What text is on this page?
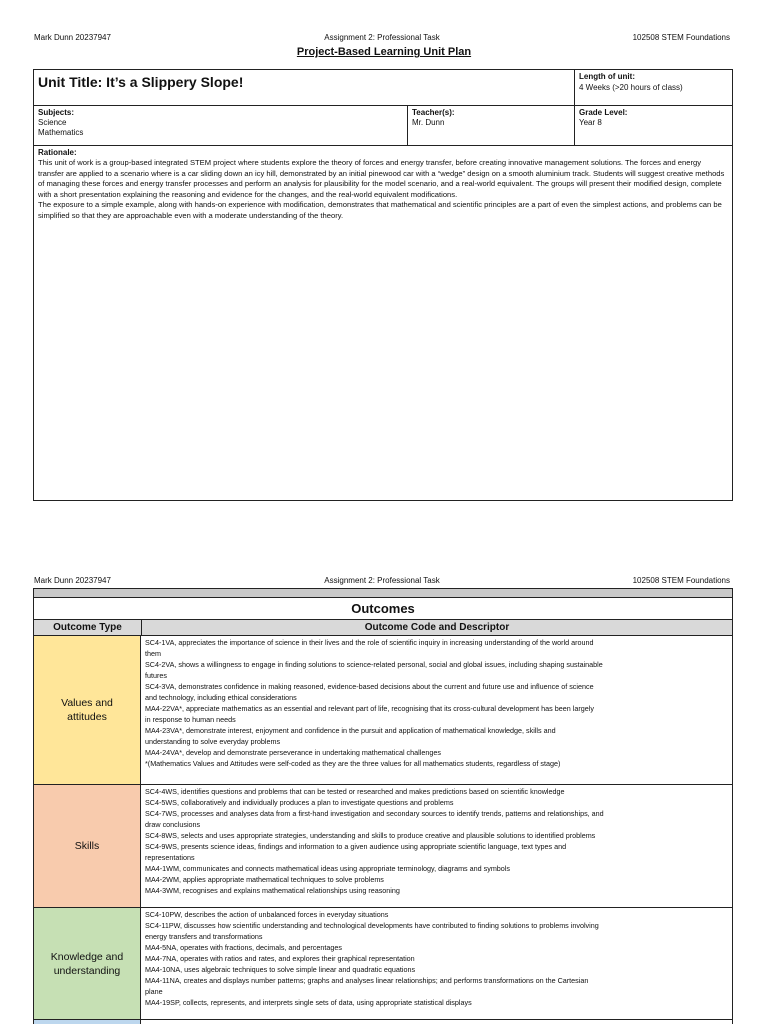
Mark Dunn 20237947	Assignment 2: Professional Task	102508 STEM Foundations
Project-Based Learning Unit Plan
Unit Title: It’s a Slippery Slope!	Length of unit:
4 Weeks (>20 hours of class)
Subjects:
Science
Mathematics
Teacher(s):
Mr. Dunn
Grade Level:
Year 8
Rationale:
This unit of work is a group-based integrated STEM project where students explore the theory of forces and energy transfer, before creating innovative management solutions. The forces and energy transfer are applied to a scenario where is a car sliding down an icy hill, demonstrated by an initial pinewood car with a “wedge” design on a smooth aluminium track. Students will suggest creative methods of managing these forces and energy transfer processes and perform an analysis for plausibility for the model scenario, and a real-world equivalent. The groups will present their modified design, complete with a short presentation explaining the reasoning and evidence for the changes, and the real-world equivalent modifications.
The exposure to a simple example, along with hands-on experience with modification, demonstrates that mathematical and scientific principles are a part of even the simplest actions, and problems can be simplified so that they are approachable even with a moderate understanding of the theory.
Mark Dunn 20237947	Assignment 2: Professional Task	102508 STEM Foundations
Outcomes
Outcome Type	Outcome Code and Descriptor
Values and attitudes
SC4-1VA, appreciates the importance of science in their lives and the role of scientific inquiry in increasing understanding of the world around
them
SC4-2VA, shows a willingness to engage in finding solutions to science-related personal, social and global issues, including shaping sustainable
futures
SC4-3VA, demonstrates confidence in making reasoned, evidence-based decisions about the current and future use and influence of science
and technology, including ethical considerations
MA4-22VA*, appreciate mathematics as an essential and relevant part of life, recognising that its cross-cultural development has been largely
in response to human needs
MA4-23VA*, demonstrate interest, enjoyment and confidence in the pursuit and application of mathematical knowledge, skills and
understanding to solve everyday problems
MA4-24VA*, develop and demonstrate perseverance in undertaking mathematical challenges
*(Mathematics Values and Attitudes were self-coded as they are the three values for all mathematics students, regardless of stage)
Skills
SC4-4WS, identifies questions and problems that can be tested or researched and makes predictions based on scientific knowledge
SC4-5WS, collaboratively and individually produces a plan to investigate questions and problems
SC4-7WS, processes and analyses data from a first-hand investigation and secondary sources to identify trends, patterns and relationships, and
draw conclusions
SC4-8WS, selects and uses appropriate strategies, understanding and skills to produce creative and plausible solutions to identified problems
SC4-9WS, presents science ideas, findings and information to a given audience using appropriate scientific language, text types and
representations
MA4-1WM, communicates and connects mathematical ideas using appropriate terminology, diagrams and symbols
MA4-2WM, applies appropriate mathematical techniques to solve problems
MA4-3WM, recognises and explains mathematical relationships using reasoning
Knowledge and understanding
SC4-10PW, describes the action of unbalanced forces in everyday situations
SC4-11PW, discusses how scientific understanding and technological developments have contributed to finding solutions to problems involving
energy transfers and transformations
MA4-5NA, operates with fractions, decimals, and percentages
MA4-7NA, operates with ratios and rates, and explores their graphical representation
MA4-10NA, uses algebraic techniques to solve simple linear and quadratic equations
MA4-11NA, creates and displays number patterns; graphs and analyses linear relationships; and performs transformations on the Cartesian
plane
MA4-19SP, collects, represents, and interprets single sets of data, using appropriate statistical displays
